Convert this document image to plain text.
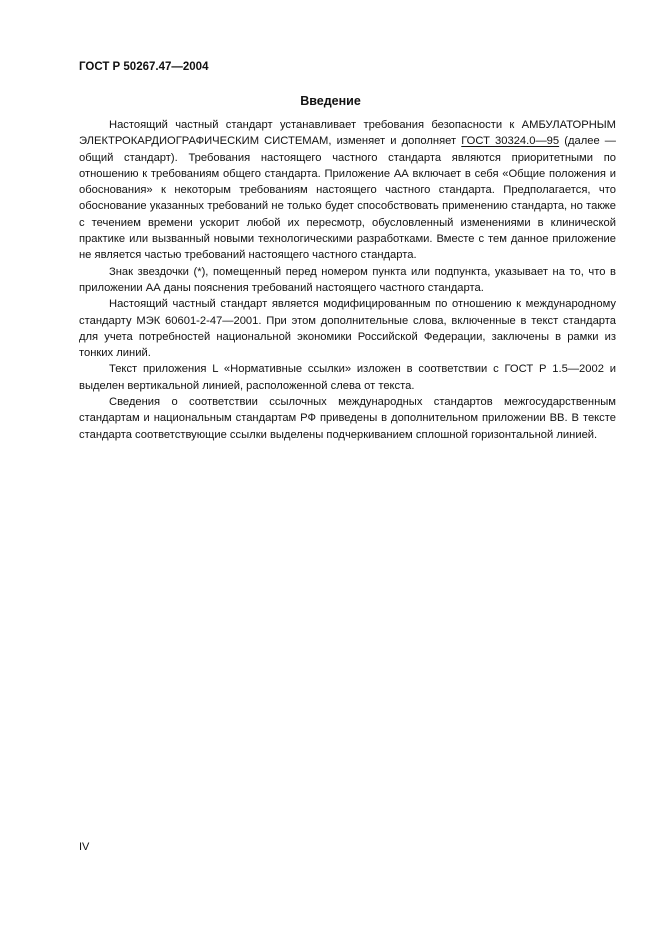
ГОСТ Р 50267.47—2004
Введение

Настоящий частный стандарт устанавливает требования безопасности к АМБУЛАТОРНЫМ ЭЛЕКТРОКАРДИОГРАФИЧЕСКИМ СИСТЕМАМ, изменяет и дополняет ГОСТ 30324.0—95 (далее — общий стандарт). Требования настоящего частного стандарта являются приоритетными по отношению к требованиям общего стандарта. Приложение АА включает в себя «Общие положения и обоснования» к некоторым требованиям настоящего частного стандарта. Предполагается, что обоснование указанных требований не только будет способствовать применению стандарта, но также с течением времени ускорит любой их пересмотр, обусловленный изменениями в клинической практике или вызванный новыми технологическими разработками. Вместе с тем данное приложение не является частью требований настоящего частного стандарта.

Знак звездочки (*), помещенный перед номером пункта или подпункта, указывает на то, что в приложении АА даны пояснения требований настоящего частного стандарта.

Настоящий частный стандарт является модифицированным по отношению к международному стандарту МЭК 60601-2-47—2001. При этом дополнительные слова, включенные в текст стандарта для учета потребностей национальной экономики Российской Федерации, заключены в рамки из тонких линий.

Текст приложения L «Нормативные ссылки» изложен в соответствии с ГОСТ Р 1.5—2002 и выделен вертикальной линией, расположенной слева от текста.

Сведения о соответствии ссылочных международных стандартов межгосударственным стандартам и национальным стандартам РФ приведены в дополнительном приложении ВВ. В тексте стандарта соответствующие ссылки выделены подчеркиванием сплошной горизонтальной линией.

IV
